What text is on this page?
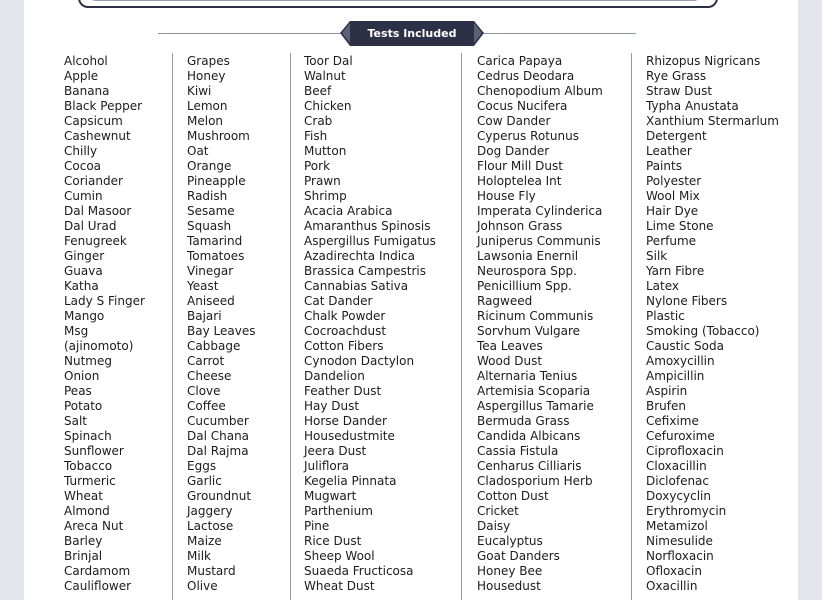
Tests Included
Alcohol
Apple
Banana
Black Pepper
Capsicum
Cashewnut
Chilly
Cocoa
Coriander
Cumin
Dal Masoor
Dal Urad
Fenugreek
Ginger
Guava
Katha
Lady S Finger
Mango
Msg
(ajinomoto)
Nutmeg
Onion
Peas
Potato
Salt
Spinach
Sunflower
Tobacco
Turmeric
Wheat
Almond
Areca Nut
Barley
Brinjal
Cardamom
Cauliflower
Grapes
Honey
Kiwi
Lemon
Melon
Mushroom
Oat
Orange
Pineapple
Radish
Sesame
Squash
Tamarind
Tomatoes
Vinegar
Yeast
Aniseed
Bajari
Bay Leaves
Cabbage
Carrot
Cheese
Clove
Coffee
Cucumber
Dal Chana
Dal Rajma
Eggs
Garlic
Groundnut
Jaggery
Lactose
Maize
Milk
Mustard
Olive
Toor Dal
Walnut
Beef
Chicken
Crab
Fish
Mutton
Pork
Prawn
Shrimp
Acacia Arabica
Amaranthus Spinosis
Aspergillus Fumigatus
Azadirechta Indica
Brassica Campestris
Cannabias Sativa
Cat Dander
Chalk Powder
Cocroachdust
Cotton Fibers
Cynodon Dactylon
Dandelion
Feather Dust
Hay Dust
Horse Dander
Housedustmite
Jeera Dust
Juliflora
Kegelia Pinnata
Mugwart
Parthenium
Pine
Rice Dust
Sheep Wool
Suaeda Fructicosa
Wheat Dust
Carica Papaya
Cedrus Deodara
Chenopodium Album
Cocus Nucifera
Cow Dander
Cyperus Rotunus
Dog Dander
Flour Mill Dust
Holoptelea Int
House Fly
Imperata Cylinderica
Johnson Grass
Juniperus Communis
Lawsonia Enernil
Neurospora Spp.
Penicillium Spp.
Ragweed
Ricinum Communis
Sorvhum Vulgare
Tea Leaves
Wood Dust
Alternaria Tenius
Artemisia Scoparia
Aspergillus Tamarie
Bermuda Grass
Candida Albicans
Cassia Fistula
Cenharus Cilliaris
Cladosporium Herb
Cotton Dust
Cricket
Daisy
Eucalyptus
Goat Danders
Honey Bee
Housedust
Rhizopus Nigricans
Rye Grass
Straw Dust
Typha Anustata
Xanthium Stermarlum
Detergent
Leather
Paints
Polyester
Wool Mix
Hair Dye
Lime Stone
Perfume
Silk
Yarn Fibre
Latex
Nylone Fibers
Plastic
Smoking (Tobacco)
Caustic Soda
Amoxycillin
Ampicillin
Aspirin
Brufen
Cefixime
Cefuroxime
Ciprofloxacin
Cloxacillin
Diclofenac
Doxycyclin
Erythromycin
Metamizol
Nimesulide
Norfloxacin
Ofloxacin
Oxacillin
